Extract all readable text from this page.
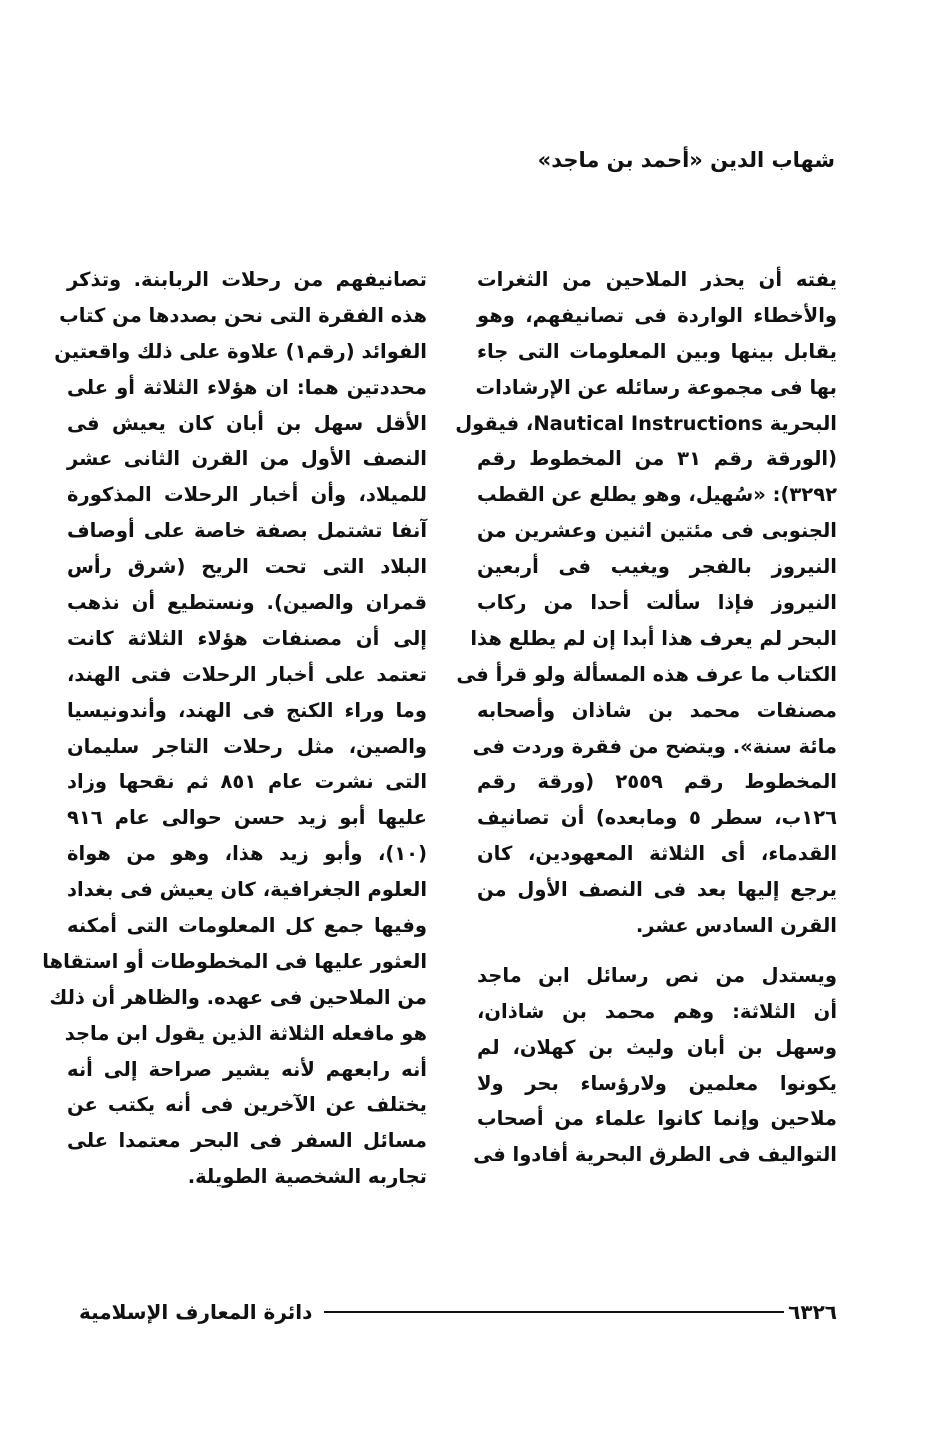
شهاب الدين «أحمد بن ماجد»
يفته أن يحذر الملاحين من الثغرات
والأخطاء الواردة فى تصانيفهم، وهو
يقابل بينها وبين المعلومات التى جاء
بها فى مجموعة رسائله عن الإرشادات
البحرية Nautical Instructions، فيقول
(الورقة رقم ٣١ من المخطوط رقم
٣٢٩٢): «سُهيل، وهو يطلع عن القطب
الجنوبى فى مئتين اثنين وعشرين من
النيروز بالفجر ويغيب فى أربعين
النيروز فإذا سألت أحدا من ركاب
البحر لم يعرف هذا أبدا إن لم يطلع هذا
الكتاب ما عرف هذه المسألة ولو قرأ فى
مصنفات محمد بن شاذان وأصحابه
مائة سنة». ويتضح من فقرة وردت فى
المخطوط رقم ٢٥٥٩ (ورقة رقم
١٢٦ب، سطر ٥ ومابعده) أن تصانيف
القدماء، أى الثلاثة المعهودين، كان
يرجع إليها بعد فى النصف الأول من
القرن السادس عشر.
ويستدل من نص رسائل ابن ماجد
أن الثلاثة: وهم محمد بن شاذان،
وسهل بن أبان وليث بن كهلان، لم
يكونوا معلمين ولارؤساء بحر ولا
ملاحين وإنما كانوا علماء من أصحاب
التواليف فى الطرق البحرية أفادوا فى
تصانيفهم من رحلات الربابنة. وتذكر
هذه الفقرة التى نحن بصددها من كتاب
الفوائد (رقم١) علاوة على ذلك واقعتين
محددتين هما: ان هؤلاء الثلاثة أو على
الأقل سهل بن أبان كان يعيش فى
النصف الأول من القرن الثانى عشر
للميلاد، وأن أخبار الرحلات المذكورة
آنفا تشتمل بصفة خاصة على أوصاف
البلاد التى تحت الريح (شرق رأس
قمران والصين). ونستطيع أن نذهب
إلى أن مصنفات هؤلاء الثلاثة كانت
تعتمد على أخبار الرحلات فتى الهند،
وما وراء الكنج فى الهند، وأندونيسيا
والصين، مثل رحلات التاجر سليمان
التى نشرت عام ٨٥١ ثم نقحها وزاد
عليها أبو زيد حسن حوالى عام ٩١٦
(١٠)، وأبو زيد هذا، وهو من هواة
العلوم الجغرافية، كان يعيش فى بغداد
وفيها جمع كل المعلومات التى أمكنه
العثور عليها فى المخطوطات أو استقاها
من الملاحين فى عهده. والظاهر أن ذلك
هو مافعله الثلاثة الذين يقول ابن ماجد
أنه رابعهم لأنه يشير صراحة إلى أنه
يختلف عن الآخرين فى أنه يكتب عن
مسائل السفر فى البحر معتمدا على
تجاربه الشخصية الطويلة.
٦٣٢٦
دائرة المعارف الإسلامية
